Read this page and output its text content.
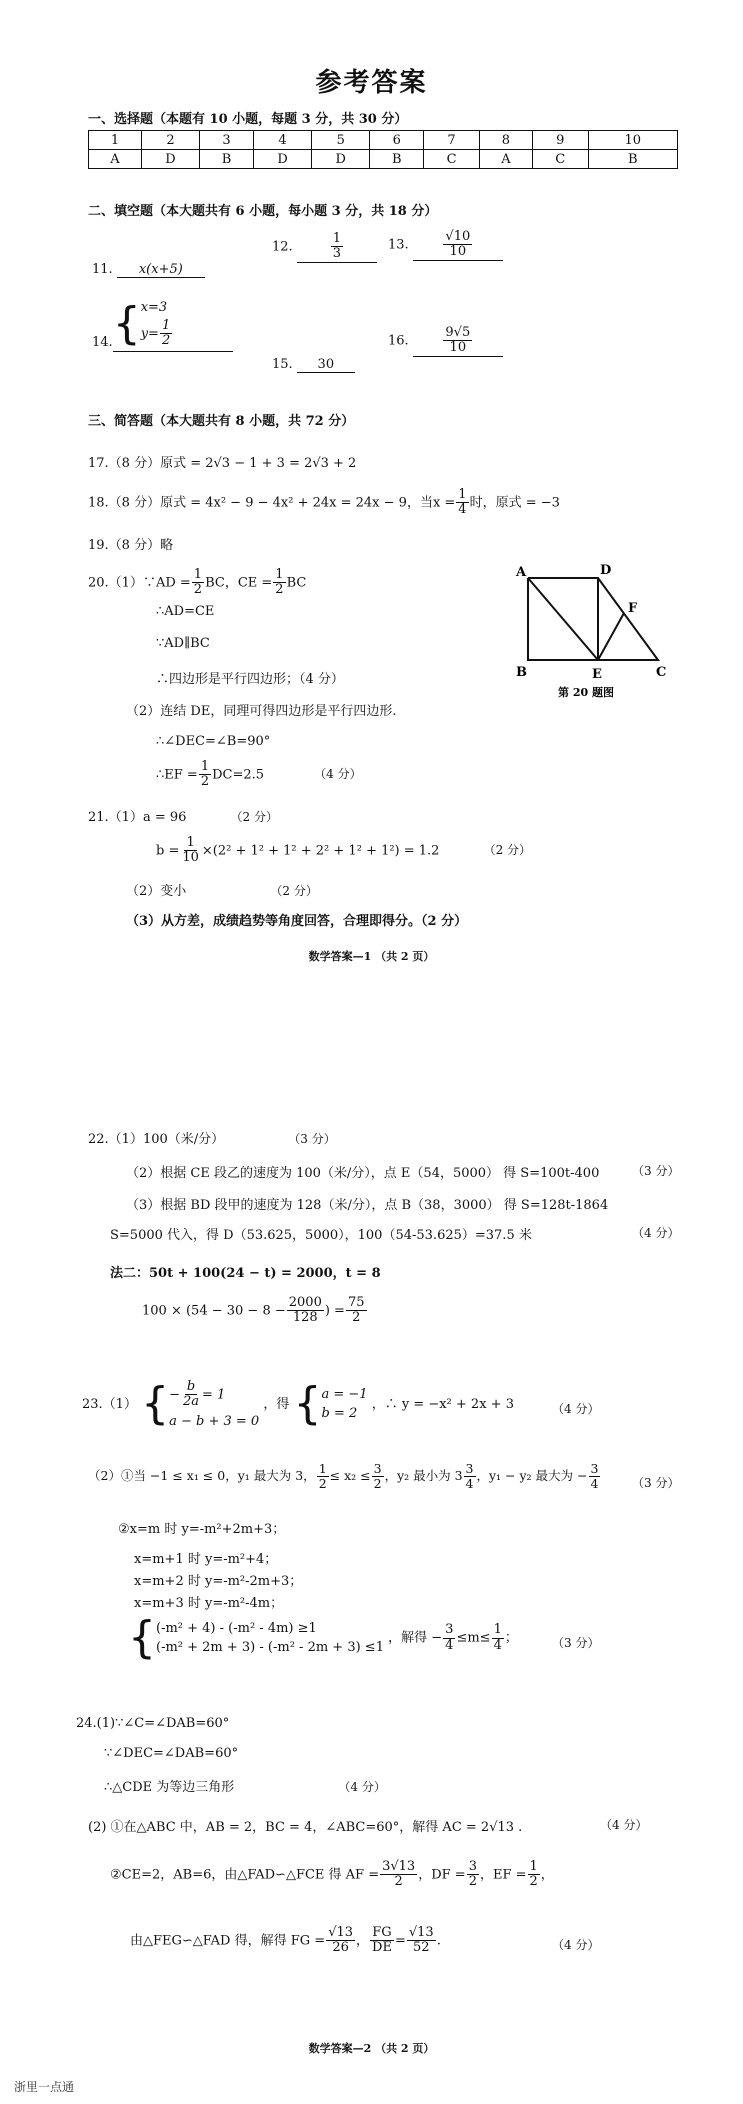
参考答案
一、选择题（本题有 10 小题，每题 3 分，共 30 分）
1	2	3	4	5	6	7	8	9	10
A	D	B	D	D	B	C	A	C	B
二、填空题（本大题共有 6 小题，每小题 3 分，共 18 分）
11. x(x+5)
12.	$\frac{1}{3}$	13.	$\frac{√10}{10}$
14. { x=3
$y= \frac{1}{2}$
15. 30
16.	$\frac{9√5}{10}$
三、简答题（本大题共有 8 小题，共 72 分）
17.（8 分）原式 = 2√3 − 1 + 3 = 2√3 + 2
18.（8 分）原式 = 4x² − 9 − 4x² + 24x = 24x − 9，当$x = \frac{1}{4}$ 时，原式 = −3
19.（8 分）略
20.（1）∵AD = $\frac{1}{2}$ BC，CE = $\frac{1}{2}$ BC
∴AD=CE
∵AD∥BC
∴四边形是平行四边形；（4 分）
（2）连结 DE，同理可得四边形是平行四边形.
∴∠DEC=∠B=90°
∴EF = $\frac{1}{2} DC=2.5$	（4 分）
A	D
F
B	E	C
第 20 题图
21.（1）a = 96	（2 分）
$b = \frac{1}{10} \times(2^2 + 1^2 + 1^2 + 2^2 + 1^2 + 1^2) = 1.2$	（2 分）
（2）变小	（2 分）
（3）从方差，成绩趋势等角度回答，合理即得分。（2 分）
数学答案—1 （共 2 页）
22.（1）100（米/分）	（3 分）
（2）根据 CE 段乙的速度为 100（米/分），点 E（54，5000） 得 S=100t-400	（3 分）
（3）根据 BD 段甲的速度为 128（米/分），点 B（38，3000） 得 S=128t-1864
S=5000 代入，得 D（53.625，5000），100（54-53.625）=37.5 米	（4 分）
法二：50t + 100(24 − t) = 2000，t = 8
$100 \times (54 - 30 - 8 - \frac{2000}{128}$ ) = $\frac{75}{2}$
23.（1） { − $\frac{b}{2a} = 1$
a − b + 3 = 0
，得 { a = −1
b = 2
，∴ y = −x² + 2x + 3	（4 分）
（2）①当 −1 ≤ x₁ ≤ 0，y₁ 最大为 3， $\frac{1}{2} \le x_2 \le \frac{3}{2}$ ，y₂ 最小为 $3 \frac{3}{4}$ ，y₁ − y₂ 最大为 − $\frac{3}{4}$	（3 分）
②x=m 时 y=-m²+2m+3；
x=m+1 时 y=-m²+4；
x=m+2 时 y=-m²-2m+3；
x=m+3 时 y=-m²-4m；
{ (-m² + 4) - (-m² - 4m) ≥1
(-m² + 2m + 3) - (-m² - 2m + 3) ≤1
，解得 − $\frac{3}{4} \le m\le \frac{1}{4}$ ；	（3 分）
24.(1)∵∠C=∠DAB=60°
∵∠DEC=∠DAB=60°
∴△CDE 为等边三角形	（4 分）
(2) ①在△ABC 中，AB = 2，BC = 4，∠ABC=60°，解得 AC = 2√13 .	（4 分）
②CE=2，AB=6，由△FAD∽△FCE 得 AF = $\frac{3√13}{2}$ ，DF = $\frac{3}{2}$ ，EF = $\frac{1}{2}$ ，
由△FEG∽△FAD 得，解得 FG = $\frac{√13}{26}$ ， $\frac{FG}{DE} = \frac{√13}{52}$ .	（4 分）
数学答案—2 （共 2 页）
浙里一点通
